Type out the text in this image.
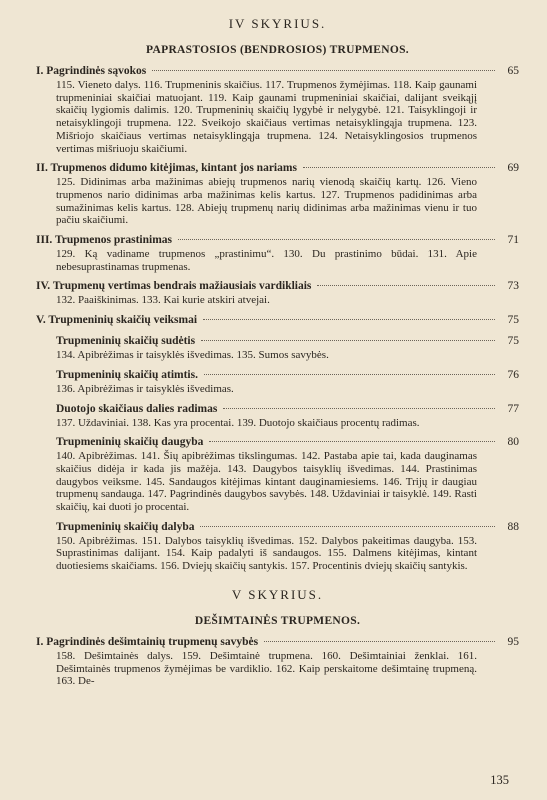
IV SKYRIUS.
PAPRASTOSIOS (BENDROSIOS) TRUPMENOS.
I. Pagrindinės sąvokos	65
115. Vieneto dalys. 116. Trupmeninis skaičius. 117. Trupmenos žymėjimas. 118. Kaip gaunami trupmeniniai skaičiai matuojant. 119. Kaip gaunami trupmeniniai skaičiai, dalijant sveikąjį skaičių lygiomis dalimis. 120. Trupmeninių skaičių lygybė ir nelygybė. 121. Taisyklingoji ir netaisyklingoji trupmena. 122. Sveikojo skaičiaus vertimas netaisyklingąja trupmena. 123. Mišriojo skaičiaus vertimas netaisyklingąja trupmena. 124. Netaisyklingosios trupmenos vertimas mišriuoju skaičiumi.
II. Trupmenos didumo kitėjimas, kintant jos nariams	69
125. Didinimas arba mažinimas abiejų trupmenos narių vienodą skaičių kartų. 126. Vieno trupmenos nario didinimas arba mažinimas kelis kartus. 127. Trupmenos padidinimas arba sumažinimas kelis kartus. 128. Abiejų trupmenų narių didinimas arba mažinimas vienu ir tuo pačiu skaičiumi.
III. Trupmenos prastinimas	71
129. Ką vadiname trupmenos „prastinimu“. 130. Du prastinimo būdai. 131. Apie nebesuprastinamas trupmenas.
IV. Trupmenų vertimas bendrais mažiausiais vardikliais	73
132. Paaiškinimas. 133. Kai kurie atskiri atvejai.
V. Trupmeninių skaičių veiksmai	75
Trupmeninių skaičių sudėtis	75
134. Apibrėžimas ir taisyklės išvedimas. 135. Sumos savybės.
Trupmeninių skaičių atimtis.	76
136. Apibrėžimas ir taisyklės išvedimas.
Duotojo skaičiaus dalies radimas	77
137. Uždaviniai. 138. Kas yra procentai. 139. Duotojo skaičiaus procentų radimas.
Trupmeninių skaičių daugyba	80
140. Apibrėžimas. 141. Šių apibrėžimas tikslingumas. 142. Pastaba apie tai, kada dauginamas skaičius didėja ir kada jis mažėja. 143. Daugybos taisyklių išvedimas. 144. Prastinimas daugybos veiksme. 145. Sandaugos kitėjimas kintant dauginamiesiems. 146. Trijų ir daugiau trupmenų sandauga. 147. Pagrindinės daugybos savybės. 148. Uždaviniai ir taisyklė. 149. Rasti skaičių, kai duoti jo procentai.
Trupmeninių skaičių dalyba	88
150. Apibrėžimas. 151. Dalybos taisyklių išvedimas. 152. Dalybos pakeitimas daugyba. 153. Suprastinimas dalijant. 154. Kaip padalyti iš sandaugos. 155. Dalmens kitėjimas, kintant duotiesiems skaičiams. 156. Dviejų skaičių santykis. 157. Procentinis dviejų skaičių santykis.
V SKYRIUS.
DEŠIMTAINĖS TRUPMENOS.
I. Pagrindinės dešimtainių trupmenų savybės	95
158. Dešimtainės dalys. 159. Dešimtainė trupmena. 160. Dešimtainiai ženklai. 161. Dešimtainės trupmenos žymėjimas be vardiklio. 162. Kaip perskaitome dešimtainę trupmeną. 163. De-
135
